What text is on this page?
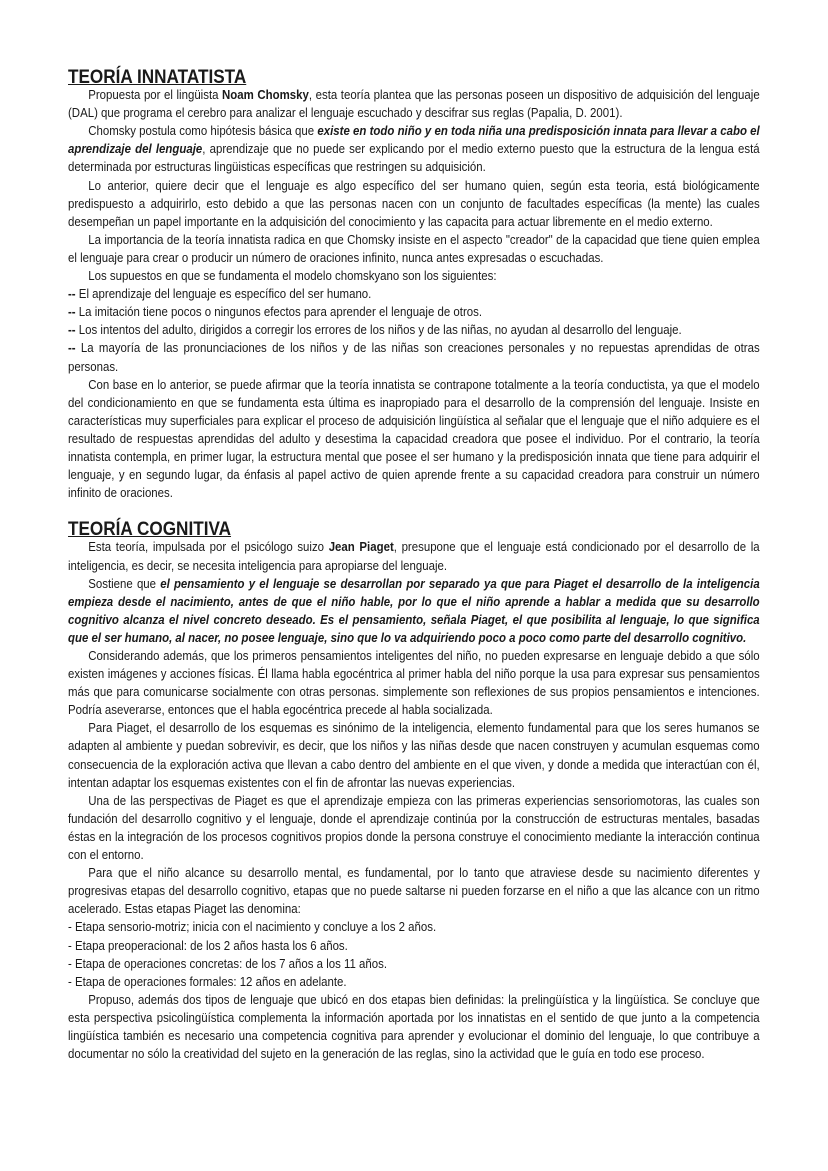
TEORÍA INNATATISTA

Propuesta por el lingüista Noam Chomsky, esta teoría plantea que las personas poseen un dispositivo de adquisición del lenguaje (DAL) que programa el cerebro para analizar el lenguaje escuchado y descifrar sus reglas (Papalia, D. 2001).

Chomsky postula como hipótesis básica que existe en todo niño y en toda niña una predisposición innata para llevar a cabo el aprendizaje del lenguaje, aprendizaje que no puede ser explicando por el medio externo puesto que la estructura de la lengua está determinada por estructuras lingüisticas específicas que restringen su adquisición.

Lo anterior, quiere decir que el lenguaje es algo específico del ser humano quien, según esta teoria, está biológicamente predispuesto a adquirirlo, esto debido a que las personas nacen con un conjunto de facultades específicas (la mente) las cuales desempeñan un papel importante en la adquisición del conocimiento y las capacita para actuar libremente en el medio externo.

La importancia de la teoría innatista radica en que Chomsky insiste en el aspecto "creador" de la capacidad que tiene quien emplea el lenguaje para crear o producir un número de oraciones infinito, nunca antes expresadas o escuchadas.

Los supuestos en que se fundamenta el modelo chomskyano son los siguientes:

-- El aprendizaje del lenguaje es específico del ser humano.

-- La imitación tiene pocos o ningunos efectos para aprender el lenguaje de otros.

-- Los intentos del adulto, dirigidos a corregir los errores de los niños y de las niñas, no ayudan al desarrollo del lenguaje.

-- La mayoría de las pronunciaciones de los niños y de las niñas son creaciones personales y no repuestas aprendidas de otras personas.

Con base en lo anterior, se puede afirmar que la teoría innatista se contrapone totalmente a la teoría conductista, ya que el modelo del condicionamiento en que se fundamenta esta última es inapropiado para el desarrollo de la comprensión del lenguaje. Insiste en características muy superficiales para explicar el proceso de adquisición lingüística al señalar que el lenguaje que el niño adquiere es el resultado de respuestas aprendidas del adulto y desestima la capacidad creadora que posee el individuo. Por el contrario, la teoría innatista contempla, en primer lugar, la estructura mental que posee el ser humano y la predisposición innata que tiene para adquirir el lenguaje, y en segundo lugar, da énfasis al papel activo de quien aprende frente a su capacidad creadora para construir un número infinito de oraciones.

TEORÍA COGNITIVA

Esta teoría, impulsada por el psicólogo suizo Jean Piaget, presupone que el lenguaje está condicionado por el desarrollo de la inteligencia, es decir, se necesita inteligencia para apropiarse del lenguaje.

Sostiene que el pensamiento y el lenguaje se desarrollan por separado ya que para Piaget el desarrollo de la inteligencia empieza desde el nacimiento, antes de que el niño hable, por lo que el niño aprende a hablar a medida que su desarrollo cognitivo alcanza el nivel concreto deseado. Es el pensamiento, señala Piaget, el que posibilita al lenguaje, lo que significa que el ser humano, al nacer, no posee lenguaje, sino que lo va adquiriendo poco a poco como parte del desarrollo cognitivo.

Considerando además, que los primeros pensamientos inteligentes del niño, no pueden expresarse en lenguaje debido a que sólo existen imágenes y acciones físicas. Él llama habla egocéntrica al primer habla del niño porque la usa para expresar sus pensamientos más que para comunicarse socialmente con otras personas. simplemente son reflexiones de sus propios pensamientos e intenciones. Podría aseverarse, entonces que el habla egocéntrica precede al habla socializada.

Para Piaget, el desarrollo de los esquemas es sinónimo de la inteligencia, elemento fundamental para que los seres humanos se adapten al ambiente y puedan sobrevivir, es decir, que los niños y las niñas desde que nacen construyen y acumulan esquemas como consecuencia de la exploración activa que llevan a cabo dentro del ambiente en el que viven, y donde a medida que interactúan con él, intentan adaptar los esquemas existentes con el fin de afrontar las nuevas experiencias.

Una de las perspectivas de Piaget es que el aprendizaje empieza con las primeras experiencias sensoriomotoras, las cuales son fundación del desarrollo cognitivo y el lenguaje, donde el aprendizaje continúa por la construcción de estructuras mentales, basadas éstas en la integración de los procesos cognitivos propios donde la persona construye el conocimiento mediante la interacción continua con el entorno.

Para que el niño alcance su desarrollo mental, es fundamental, por lo tanto que atraviese desde su nacimiento diferentes y progresivas etapas del desarrollo cognitivo, etapas que no puede saltarse ni pueden forzarse en el niño a que las alcance con un ritmo acelerado. Estas etapas Piaget las denomina:

- Etapa sensorio-motriz; inicia con el nacimiento y concluye a los 2 años.

- Etapa preoperacional: de los 2 años hasta los 6 años.

- Etapa de operaciones concretas: de los 7 años a los 11 años.

- Etapa de operaciones formales: 12 años en adelante.

Propuso, además dos tipos de lenguaje que ubicó en dos etapas bien definidas: la prelingüística y la lingüística. Se concluye que esta perspectiva psicolingüística complementa la información aportada por los innatistas en el sentido de que junto a la competencia lingüística también es necesario una competencia cognitiva para aprender y evolucionar el dominio del lenguaje, lo que contribuye a documentar no sólo la creatividad del sujeto en la generación de las reglas, sino la actividad que le guía en todo ese proceso.
